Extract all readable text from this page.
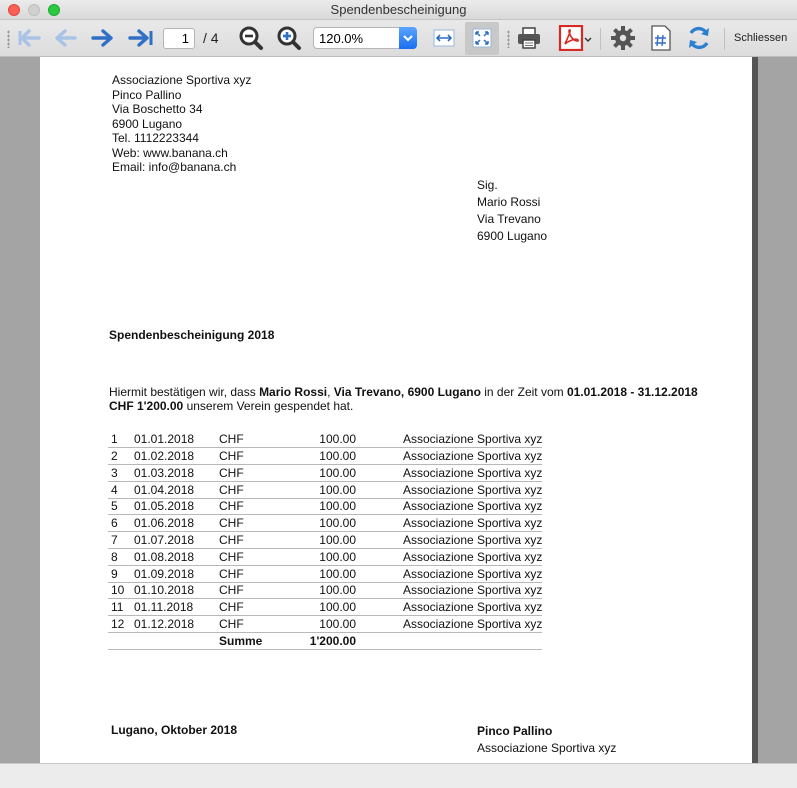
Spendenbescheinigung
1	/ 4	120.0%	Schliessen
Associazione Sportiva xyz
Pinco Pallino
Via Boschetto 34
6900 Lugano
Tel. 1112223344
Web: www.banana.ch
Email: info@banana.ch
Sig.
Mario Rossi
Via Trevano
6900 Lugano
Spendenbescheinigung 2018
Hiermit bestätigen wir, dass Mario Rossi, Via Trevano, 6900 Lugano in der Zeit vom 01.01.2018 - 31.12.2018
CHF 1'200.00 unserem Verein gespendet hat.
1	01.01.2018	CHF	100.00		Associazione Sportiva xyz
2	01.02.2018	CHF	100.00		Associazione Sportiva xyz
3	01.03.2018	CHF	100.00		Associazione Sportiva xyz
4	01.04.2018	CHF	100.00		Associazione Sportiva xyz
5	01.05.2018	CHF	100.00		Associazione Sportiva xyz
6	01.06.2018	CHF	100.00		Associazione Sportiva xyz
7	01.07.2018	CHF	100.00		Associazione Sportiva xyz
8	01.08.2018	CHF	100.00		Associazione Sportiva xyz
9	01.09.2018	CHF	100.00		Associazione Sportiva xyz
10	01.10.2018	CHF	100.00		Associazione Sportiva xyz
11	01.11.2018	CHF	100.00		Associazione Sportiva xyz
12	01.12.2018	CHF	100.00		Associazione Sportiva xyz
		Summe	1'200.00		
Lugano, Oktober 2018	Pinco Pallino
Associazione Sportiva xyz
